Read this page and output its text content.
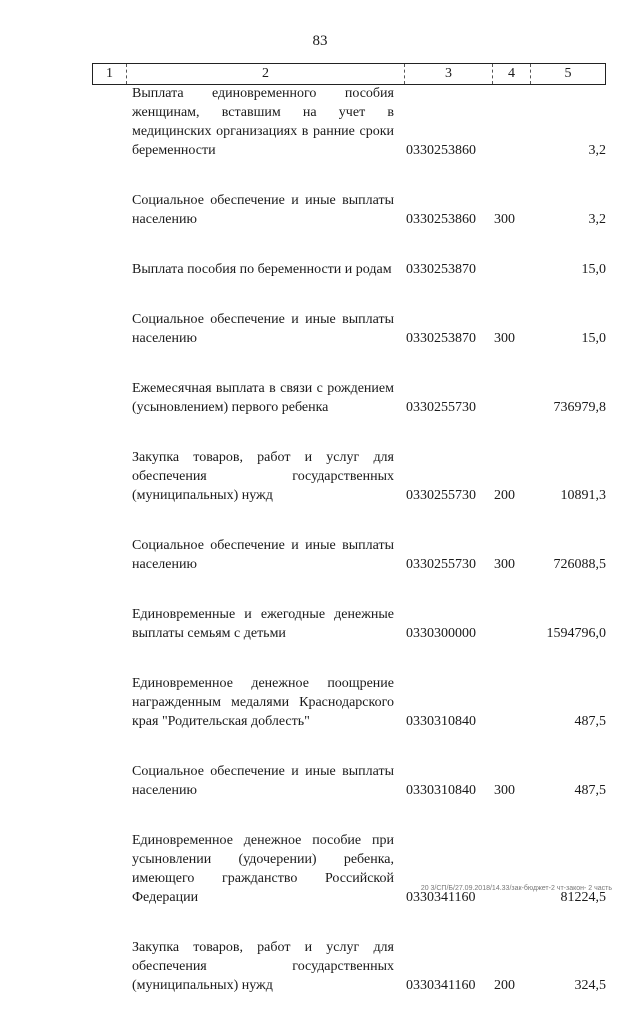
83
1	2	3	4	5
Выплата единовременного пособия женщинам, вставшим на учет в медицинских организациях в ранние сроки беременности	0330253860	3,2
Социальное обеспечение и иные выплаты населению	0330253860 300	3,2
Выплата пособия по беременности и родам 0330253870	15,0
Социальное обеспечение и иные выплаты населению	0330253870 300	15,0
Ежемесячная выплата в связи с рождением (усыновлением) первого ребенка	0330255730	736979,8
Закупка товаров, работ и услуг для обеспечения государственных (муниципальных) нужд	0330255730 200	10891,3
Социальное обеспечение и иные выплаты населению	0330255730 300	726088,5
Единовременные и ежегодные денежные выплаты семьям с детьми	0330300000	1594796,0
Единовременное денежное поощрение награжденным медалями Краснодарского края "Родительская доблесть"	0330310840	487,5
Социальное обеспечение и иные выплаты населению	0330310840 300	487,5
Единовременное денежное пособие при усыновлении (удочерении) ребенка, имеющего гражданство Российской Федерации	0330341160	81224,5
Закупка товаров, работ и услуг для обеспечения государственных (муниципальных) нужд	0330341160 200	324,5
20 3/СП/Б/27.09.2018/14.33/зак-бюджет-2 чт-закон- 2 часть
